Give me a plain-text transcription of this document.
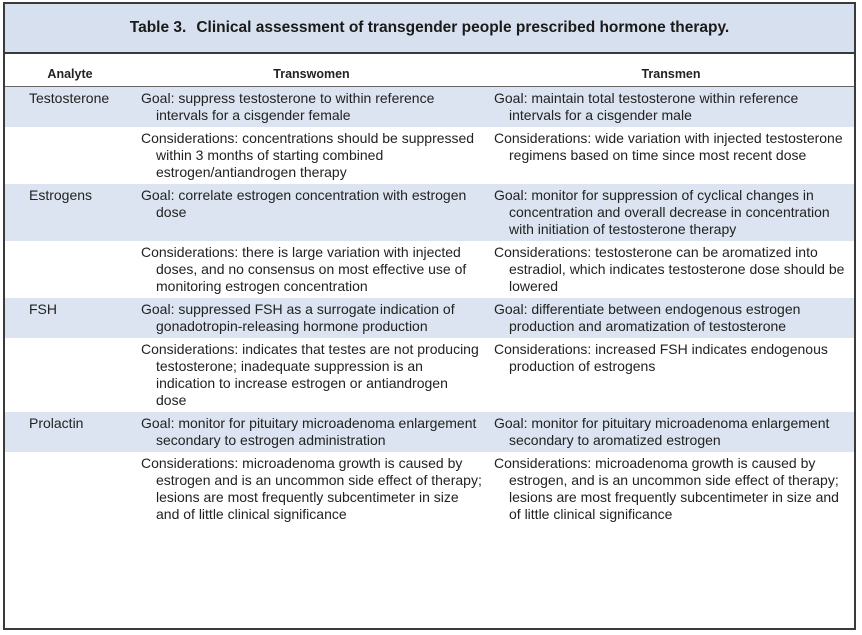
Table 3. Clinical assessment of transgender people prescribed hormone therapy.
Analyte	Transwomen	Transmen
Testosterone	Goal: suppress testosterone to within reference intervals for a cisgender female	Goal: maintain total testosterone within reference intervals for a cisgender male

	Considerations: concentrations should be suppressed within 3 months of starting combined estrogen/antiandrogen therapy	Considerations: wide variation with injected testosterone regimens based on time since most recent dose

Estrogens	Goal: correlate estrogen concentration with estrogen dose	Goal: monitor for suppression of cyclical changes in concentration and overall decrease in concentration with initiation of testosterone therapy

	Considerations: there is large variation with injected doses, and no consensus on most effective use of monitoring estrogen concentration	Considerations: testosterone can be aromatized into estradiol, which indicates testosterone dose should be lowered

FSH	Goal: suppressed FSH as a surrogate indication of gonadotropin-releasing hormone production	Goal: differentiate between endogenous estrogen production and aromatization of testosterone

	Considerations: indicates that testes are not producing testosterone; inadequate suppression is an indication to increase estrogen or antiandrogen dose	Considerations: increased FSH indicates endogenous production of estrogens

Prolactin	Goal: monitor for pituitary microadenoma enlargement secondary to estrogen administration	Goal: monitor for pituitary microadenoma enlargement secondary to aromatized estrogen

	Considerations: microadenoma growth is caused by estrogen and is an uncommon side effect of therapy; lesions are most frequently subcentimeter in size and of little clinical significance	Considerations: microadenoma growth is caused by estrogen, and is an uncommon side effect of therapy; lesions are most frequently subcentimeter in size and of little clinical significance
